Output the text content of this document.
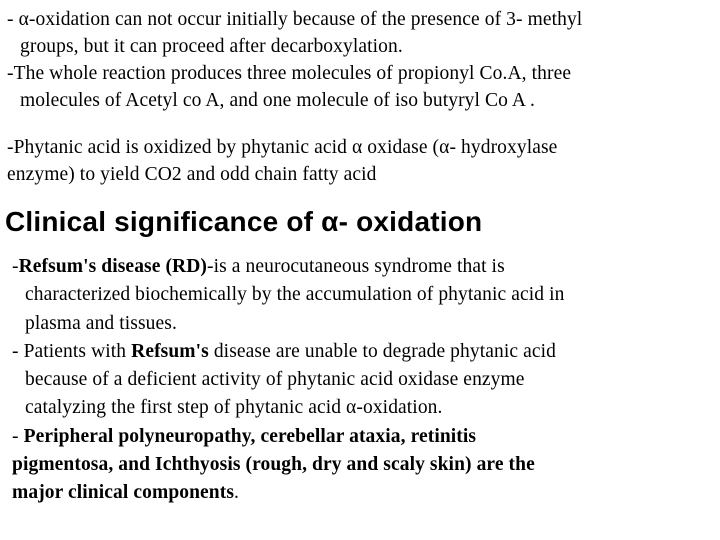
- α-oxidation can not occur initially because of the presence of 3- methyl
groups, but it can proceed after decarboxylation.
-The whole reaction produces three molecules of propionyl Co.A, three
molecules of Acetyl co A, and one molecule of iso butyryl Co A .
-Phytanic acid is oxidized by phytanic acid α oxidase (α- hydroxylase
enzyme) to yield CO2 and odd chain fatty acid
Clinical significance of α- oxidation
-Refsum's disease (RD)-is a neurocutaneous syndrome that is
characterized biochemically by the accumulation of phytanic acid in
plasma and tissues.
- Patients with Refsum's disease are unable to degrade phytanic acid
because of a deficient activity of phytanic acid oxidase enzyme
catalyzing the first step of phytanic acid α-oxidation.
- Peripheral polyneuropathy, cerebellar ataxia, retinitis
pigmentosa, and Ichthyosis (rough, dry and scaly skin) are the
major clinical components.
